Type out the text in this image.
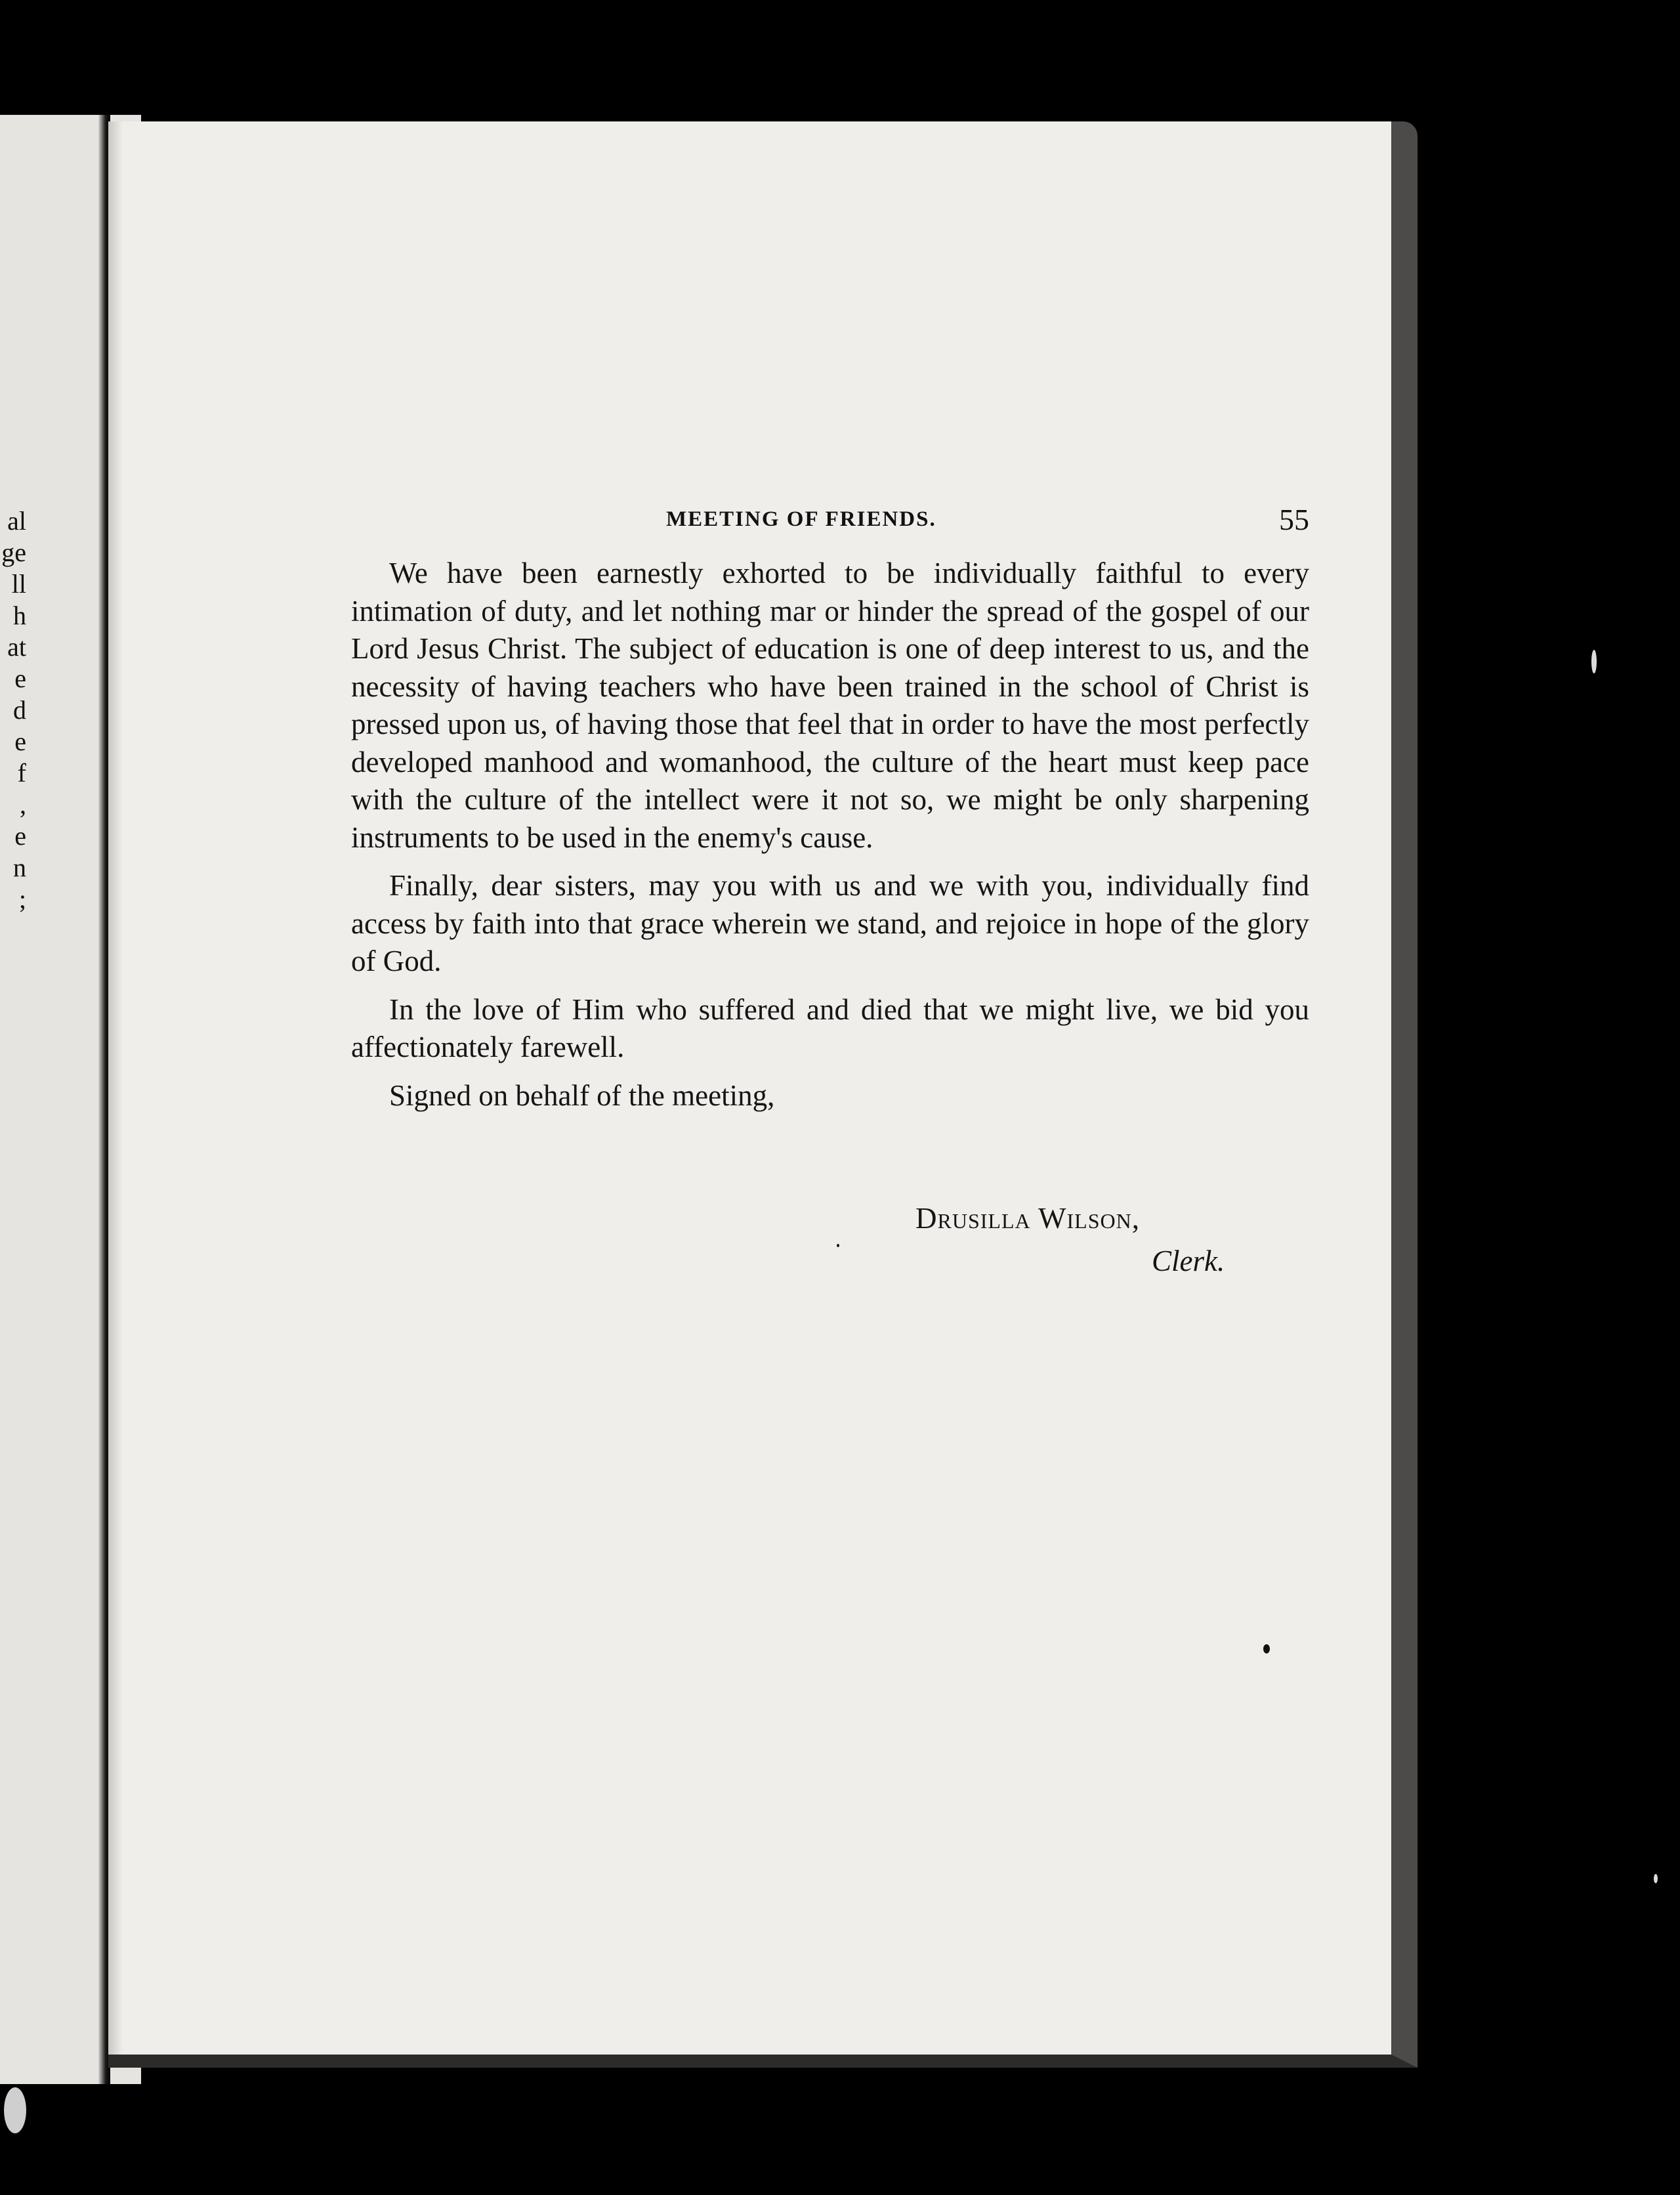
al
ge
ll
h
at
e
d
e
f
,
e
n
;
MEETING OF FRIENDS.	55

We have been earnestly exhorted to be individually faithful to every intimation of duty, and let nothing mar or hinder the spread of the gospel of our Lord Jesus Christ. The subject of education is one of deep interest to us, and the necessity of having teachers who have been trained in the school of Christ is pressed upon us, of having those that feel that in order to have the most perfectly developed manhood and womanhood, the culture of the heart must keep pace with the culture of the intellect were it not so, we might be only sharpening instruments to be used in the enemy's cause.

Finally, dear sisters, may you with us and we with you, individually find access by faith into that grace wherein we stand, and rejoice in hope of the glory of God.

In the love of Him who suffered and died that we might live, we bid you affectionately farewell.

Signed on behalf of the meeting,

Drusilla Wilson,
Clerk.
